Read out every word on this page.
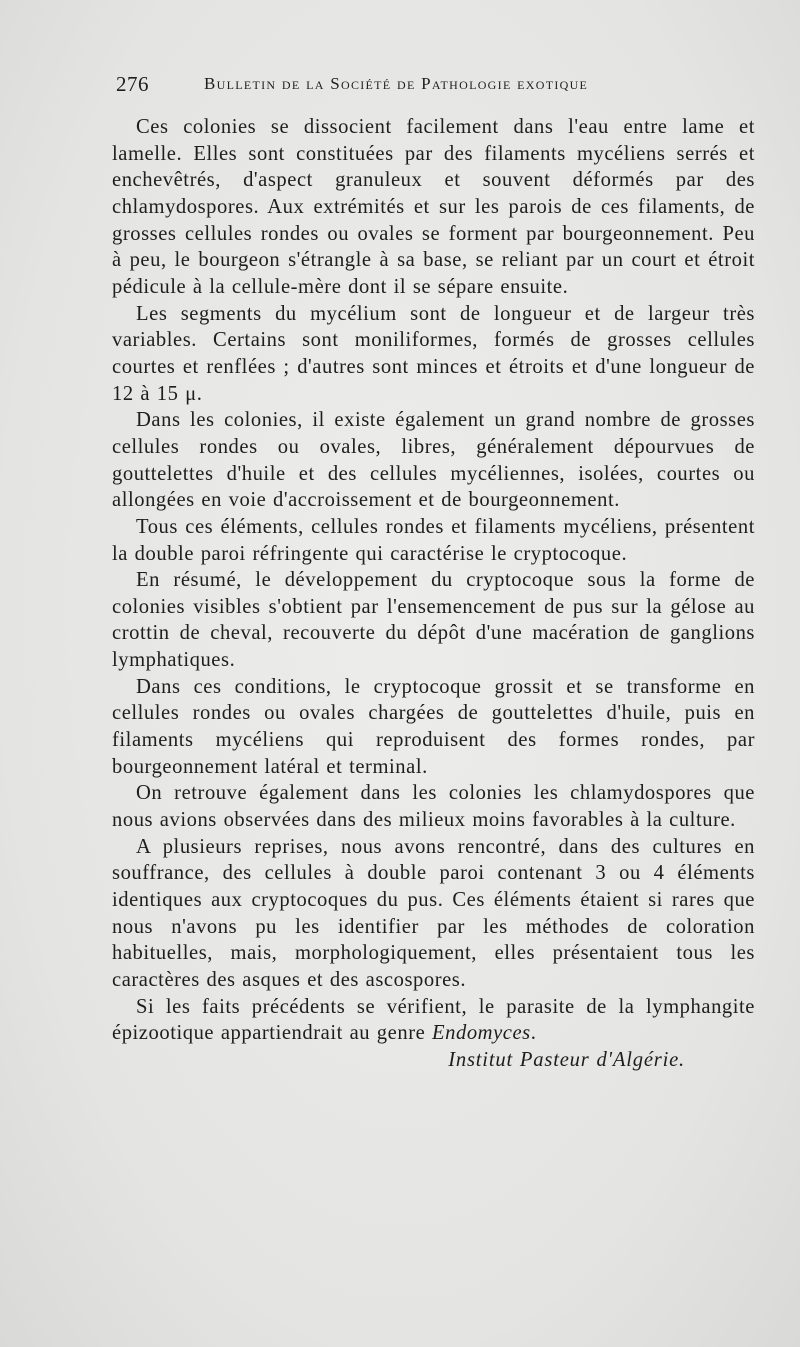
276	Bulletin de la Société de Pathologie exotique

Ces colonies se dissocient facilement dans l'eau entre lame et lamelle. Elles sont constituées par des filaments mycéliens serrés et enchevêtrés, d'aspect granuleux et souvent déformés par des chlamydospores. Aux extrémités et sur les parois de ces filaments, de grosses cellules rondes ou ovales se forment par bourgeonnement. Peu à peu, le bourgeon s'étrangle à sa base, se reliant par un court et étroit pédicule à la cellule-mère dont il se sépare ensuite.

Les segments du mycélium sont de longueur et de largeur très variables. Certains sont moniliformes, formés de grosses cellules courtes et renflées ; d'autres sont minces et étroits et d'une longueur de 12 à 15 μ.

Dans les colonies, il existe également un grand nombre de grosses cellules rondes ou ovales, libres, généralement dépourvues de gouttelettes d'huile et des cellules mycéliennes, isolées, courtes ou allongées en voie d'accroissement et de bourgeonnement.

Tous ces éléments, cellules rondes et filaments mycéliens, présentent la double paroi réfringente qui caractérise le cryptocoque.

En résumé, le développement du cryptocoque sous la forme de colonies visibles s'obtient par l'ensemencement de pus sur la gélose au crottin de cheval, recouverte du dépôt d'une macération de ganglions lymphatiques.

Dans ces conditions, le cryptocoque grossit et se transforme en cellules rondes ou ovales chargées de gouttelettes d'huile, puis en filaments mycéliens qui reproduisent des formes rondes, par bourgeonnement latéral et terminal.

On retrouve également dans les colonies les chlamydospores que nous avions observées dans des milieux moins favorables à la culture.

A plusieurs reprises, nous avons rencontré, dans des cultures en souffrance, des cellules à double paroi contenant 3 ou 4 éléments identiques aux cryptocoques du pus. Ces éléments étaient si rares que nous n'avons pu les identifier par les méthodes de coloration habituelles, mais, morphologiquement, elles présentaient tous les caractères des asques et des ascospores.

Si les faits précédents se vérifient, le parasite de la lymphangite épizootique appartiendrait au genre Endomyces.

Institut Pasteur d'Algérie.
